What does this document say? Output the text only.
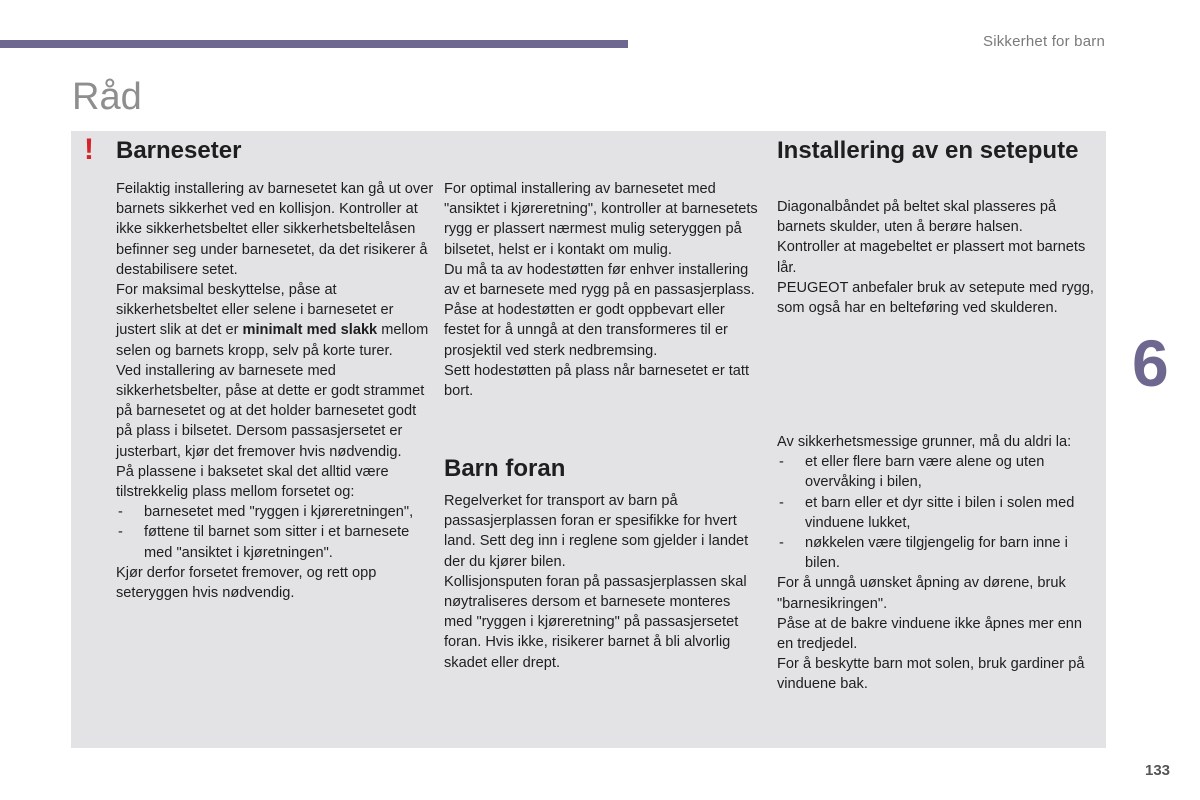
Sikkerhet for barn
Råd
! Barneseter

Feilaktig installering av barnesetet kan gå ut over barnets sikkerhet ved en kollisjon. Kontroller at ikke sikkerhetsbeltet eller sikkerhetsbeltelåsen befinner seg under barnesetet, da det risikerer å destabilisere setet.

For maksimal beskyttelse, påse at sikkerhetsbeltet eller selene i barnesetet er justert slik at det er minimalt med slakk mellom selen og barnets kropp, selv på korte turer.

Ved installering av barnesete med sikkerhetsbelter, påse at dette er godt strammet på barnesetet og at det holder barnesetet godt på plass i bilsetet. Dersom passasjersetet er justerbart, kjør det fremover hvis nødvendig.

På plassene i baksetet skal det alltid være tilstrekkelig plass mellom forsetet og:

- barnesetet med "ryggen i kjøreretningen",
- føttene til barnet som sitter i et barnesete med "ansiktet i kjøretningen".

Kjør derfor forsetet fremover, og rett opp seteryggen hvis nødvendig.

For optimal installering av barnesetet med "ansiktet i kjøreretning", kontroller at barnesetets rygg er plassert nærmest mulig seteryggen på bilsetet, helst er i kontakt om mulig.

Du må ta av hodestøtten før enhver installering av et barnesete med rygg på en passasjerplass.

Påse at hodestøtten er godt oppbevart eller festet for å unngå at den transformeres til er prosjektil ved sterk nedbremsing.

Sett hodestøtten på plass når barnesetet er tatt bort.

Barn foran

Regelverket for transport av barn på passasjerplassen foran er spesifikke for hvert land. Sett deg inn i reglene som gjelder i landet der du kjører bilen.

Kollisjonsputen foran på passasjerplassen skal nøytraliseres dersom et barnesete monteres med "ryggen i kjøreretning" på passasjersetet foran. Hvis ikke, risikerer barnet å bli alvorlig skadet eller drept.

Installering av en setepute

Diagonalbåndet på beltet skal plasseres på barnets skulder, uten å berøre halsen.

Kontroller at magebeltet er plassert mot barnets lår.

PEUGEOT anbefaler bruk av setepute med rygg, som også har en belteføring ved skulderen.

Av sikkerhetsmessige grunner, må du aldri la:

- et eller flere barn være alene og uten overvåking i bilen,
- et barn eller et dyr sitte i bilen i solen med vinduene lukket,
- nøkkelen være tilgjengelig for barn inne i bilen.

For å unngå uønsket åpning av dørene, bruk "barnesikringen".

Påse at de bakre vinduene ikke åpnes mer enn en tredjedel.

For å beskytte barn mot solen, bruk gardiner på vinduene bak.

6
133
